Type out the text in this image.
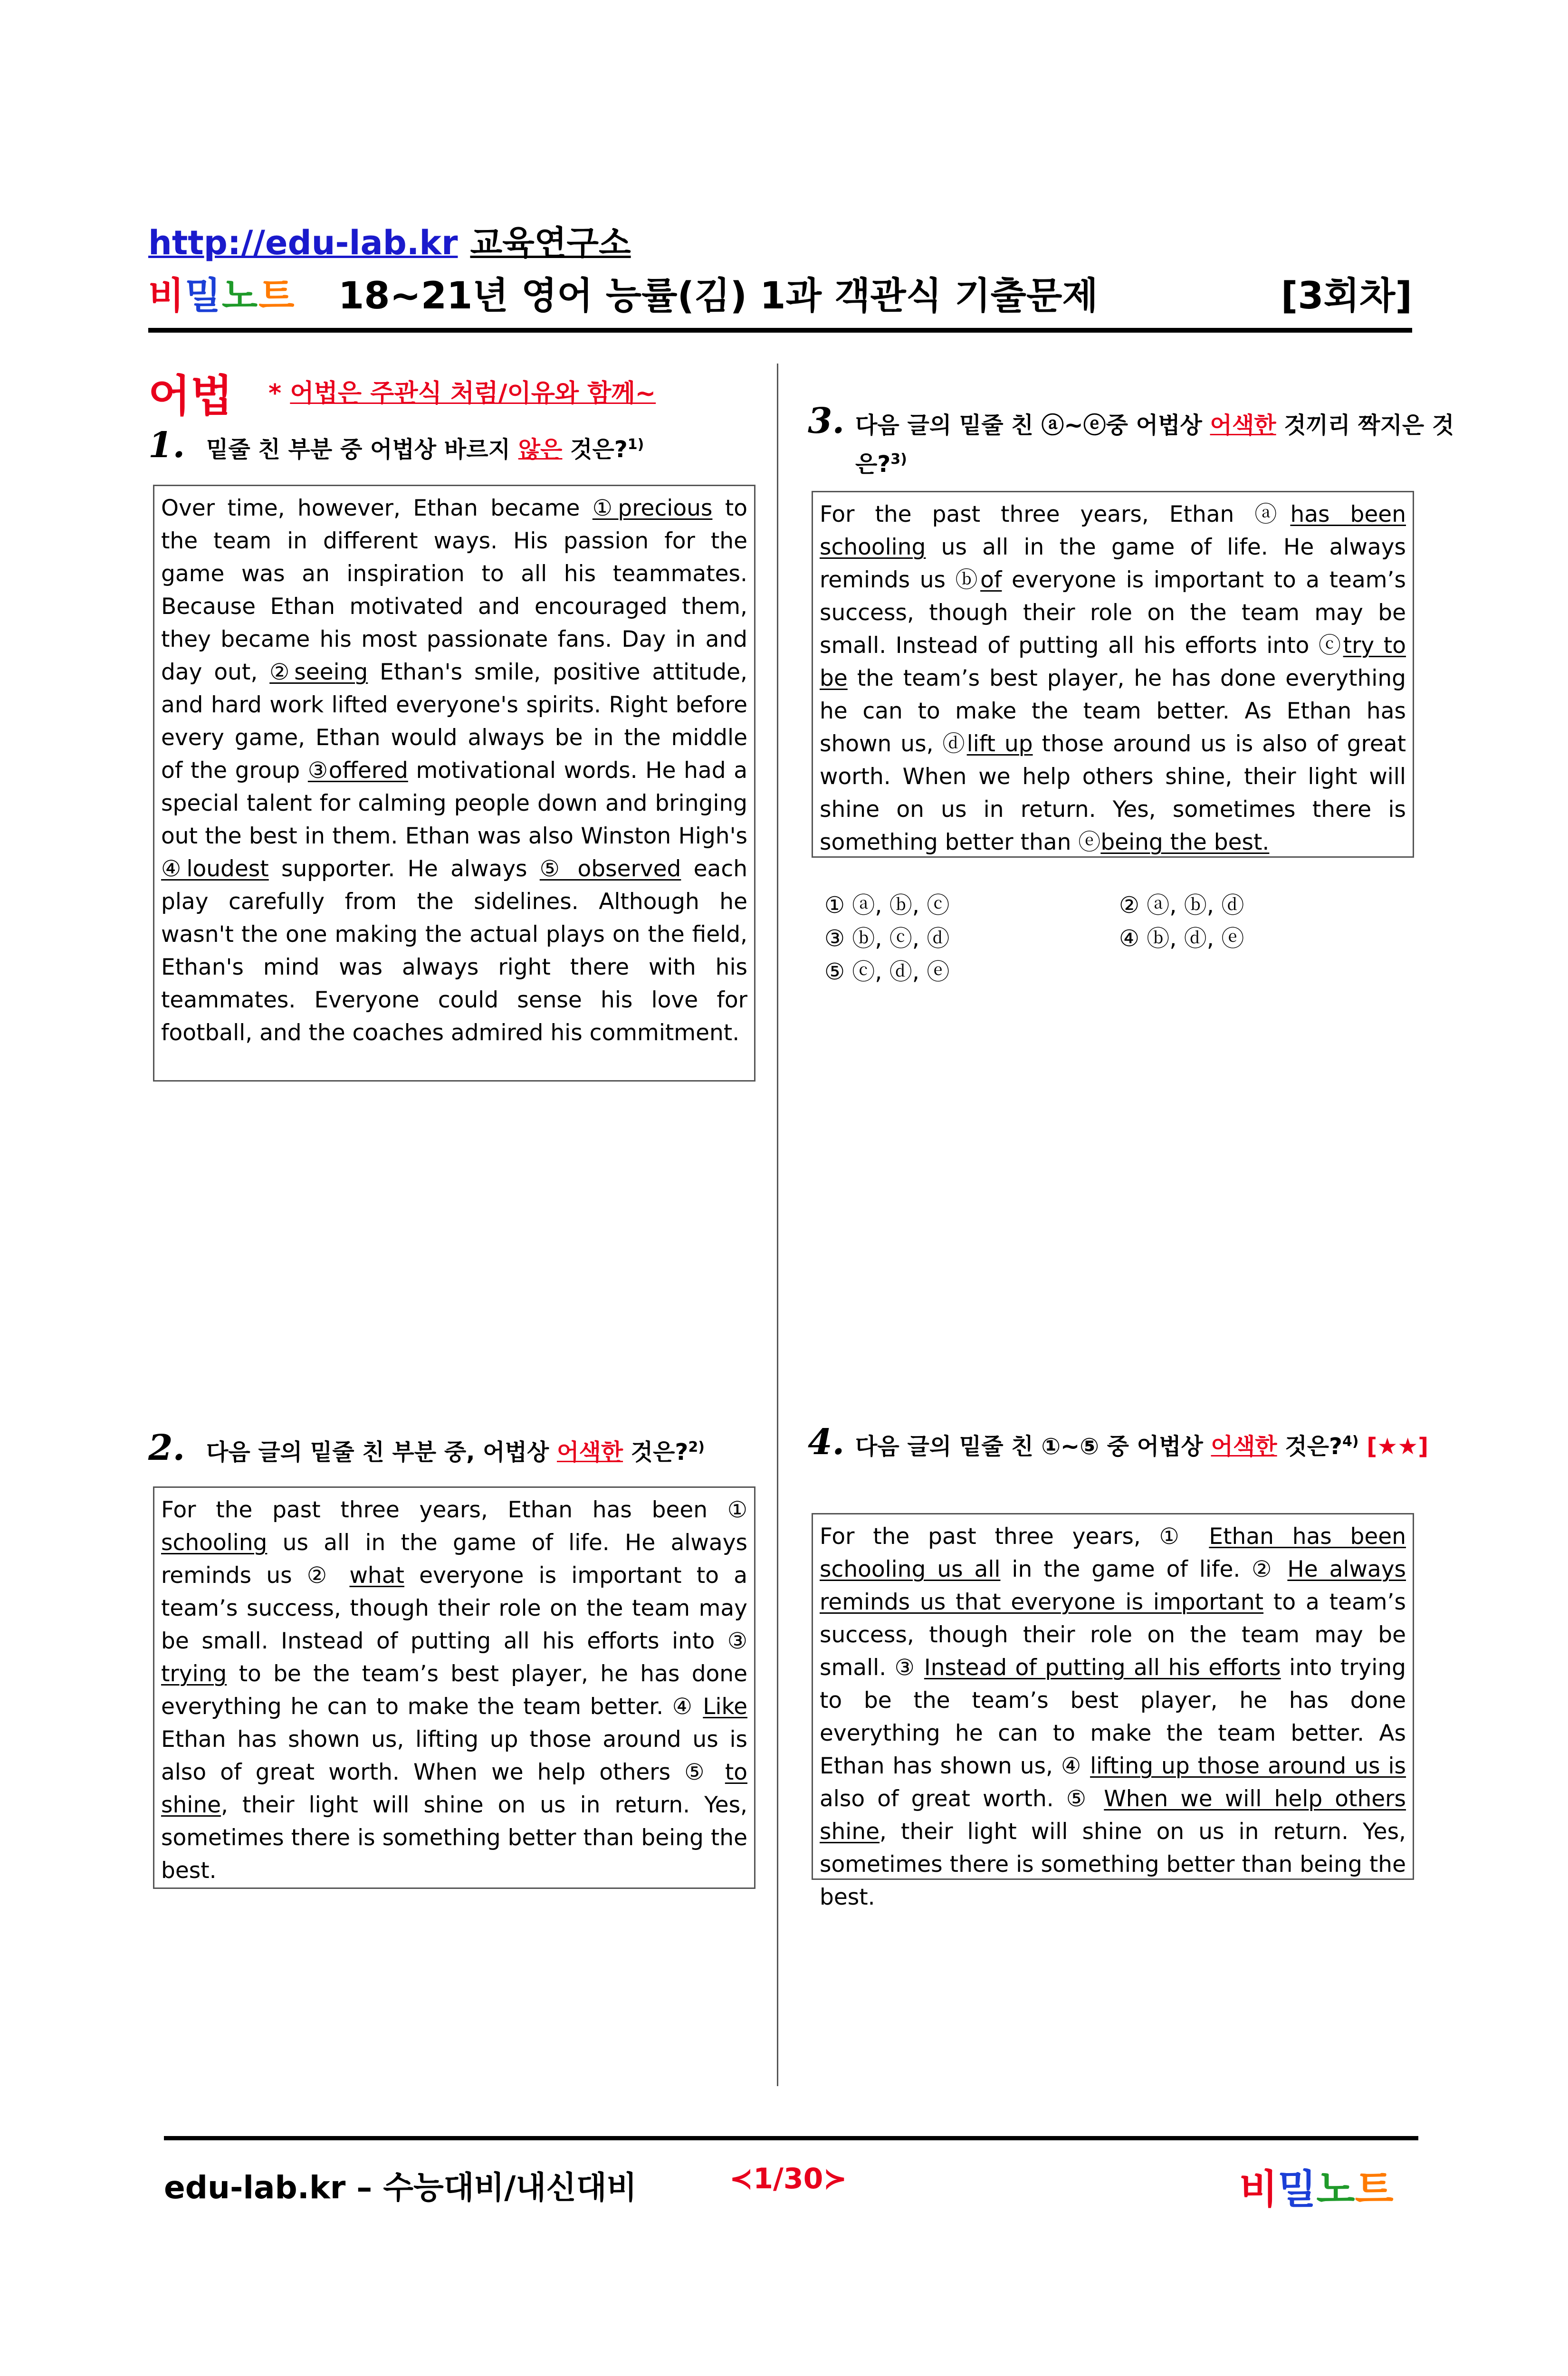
http://edu-lab.kr 교육연구소
비밀노트 18~21년 영어 능률(김) 1과 객관식 기출문제	[3회차]
어법 * 어법은 주관식 처럼/이유와 함께~
1. 밑줄 친 부분 중 어법상 바르지 않은 것은?$^{1)}$
Over time, however, Ethan became ①precious to the team in different ways. His passion for the game was an inspiration to all his teammates. Because Ethan motivated and encouraged them, they became his most passionate fans. Day in and day out, ②seeing Ethan's smile, positive attitude, and hard work lifted everyone's spirits. Right before every game, Ethan would always be in the middle of the group ③offered motivational words. He had a special talent for calming people down and bringing out the best in them. Ethan was also Winston High's ④loudest supporter. He always ⑤ observed each play carefully from the sidelines. Although he wasn't the one making the actual plays on the field, Ethan's mind was always right there with his teammates. Everyone could sense his love for football, and the coaches admired his commitment.
2. 다음 글의 밑줄 친 부분 중, 어법상 어색한 것은?$^{2)}$
For the past three years, Ethan has been ① schooling us all in the game of life. He always reminds us ② what everyone is important to a team’s success, though their role on the team may be small. Instead of putting all his efforts into ③ trying to be the team’s best player, he has done everything he can to make the team better. ④ Like Ethan has shown us, lifting up those around us is also of great worth. When we help others ⑤ to shine, their light will shine on us in return. Yes, sometimes there is something better than being the best.
3. 다음 글의 밑줄 친 ⓐ~ⓔ중 어법상 어색한 것끼리 짝지은 것은?$^{3)}$
For the past three years, Ethan ⓐhas been schooling us all in the game of life. He always reminds us ⓑof everyone is important to a team’s success, though their role on the team may be small. Instead of putting all his efforts into ⓒtry to be the team’s best player, he has done everything he can to make the team better. As Ethan has shown us, ⓓlift up those around us is also of great worth. When we help others shine, their light will shine on us in return. Yes, sometimes there is something better than ⓔbeing the best.
① ⓐ, ⓑ, ⓒ	② ⓐ, ⓑ, ⓓ
③ ⓑ, ⓒ, ⓓ	④ ⓑ, ⓓ, ⓔ
⑤ ⓒ, ⓓ, ⓔ
4. 다음 글의 밑줄 친 ①~⑤ 중 어법상 어색한 것은?$^{4)}$ [★★]
For the past three years, ① Ethan has been schooling us all in the game of life. ② He always reminds us that everyone is important to a team’s success, though their role on the team may be small. ③ Instead of putting all his efforts into trying to be the team’s best player, he has done everything he can to make the team better. As Ethan has shown us, ④ lifting up those around us is also of great worth. ⑤ When we will help others shine, their light will shine on us in return. Yes, sometimes there is something better than being the best.
edu-lab.kr – 수능대비/내신대비	≺1/30≻	비밀노트
